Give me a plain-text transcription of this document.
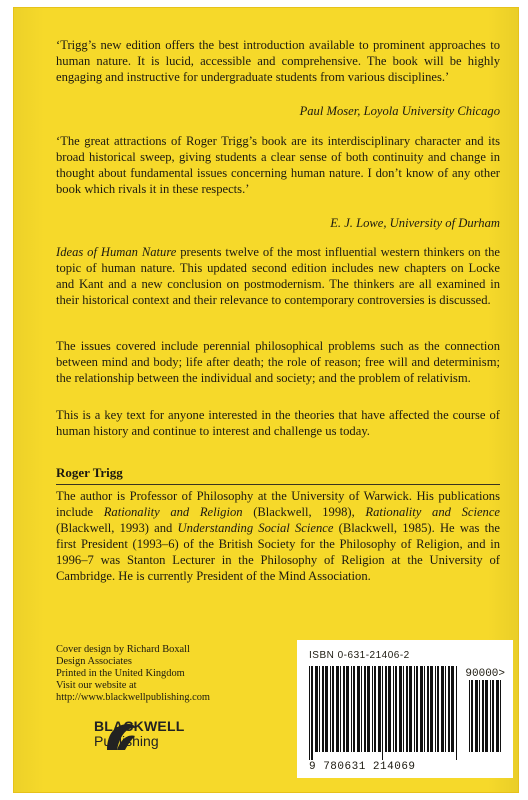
‘Trigg’s new edition offers the best introduction available to prominent approaches to human nature. It is lucid, accessible and comprehensive. The book will be highly engaging and instructive for undergraduate students from various disciplines.’

Paul Moser, Loyola University Chicago

‘The great attractions of Roger Trigg’s book are its interdisciplinary character and its broad historical sweep, giving students a clear sense of both continuity and change in thought about fundamental issues concerning human nature. I don’t know of any other book which rivals it in these respects.’

E. J. Lowe, University of Durham

Ideas of Human Nature presents twelve of the most influential western thinkers on the topic of human nature. This updated second edition includes new chapters on Locke and Kant and a new conclusion on postmodernism. The thinkers are all examined in their historical context and their relevance to contemporary controversies is discussed.

The issues covered include perennial philosophical problems such as the connection between mind and body; life after death; the role of reason; free will and determinism; the relationship between the individual and society; and the problem of relativism.

This is a key text for anyone interested in the theories that have affected the course of human history and continue to interest and challenge us today.

Roger Trigg

The author is Professor of Philosophy at the University of Warwick. His publications include Rationality and Religion (Blackwell, 1998), Rationality and Science (Blackwell, 1993) and Understanding Social Science (Blackwell, 1985). He was the first President (1993–6) of the British Society for the Philosophy of Religion, and in 1996–7 was Stanton Lecturer in the Philosophy of Religion at the University of Cambridge. He is currently President of the Mind Association.

Cover design by Richard Boxall
Design Associates
Printed in the United Kingdom
Visit our website at
http://www.blackwellpublishing.com
BLACKWELL
Publishing
ISBN 0-631-21406-2
90000>
9 780631 214069
